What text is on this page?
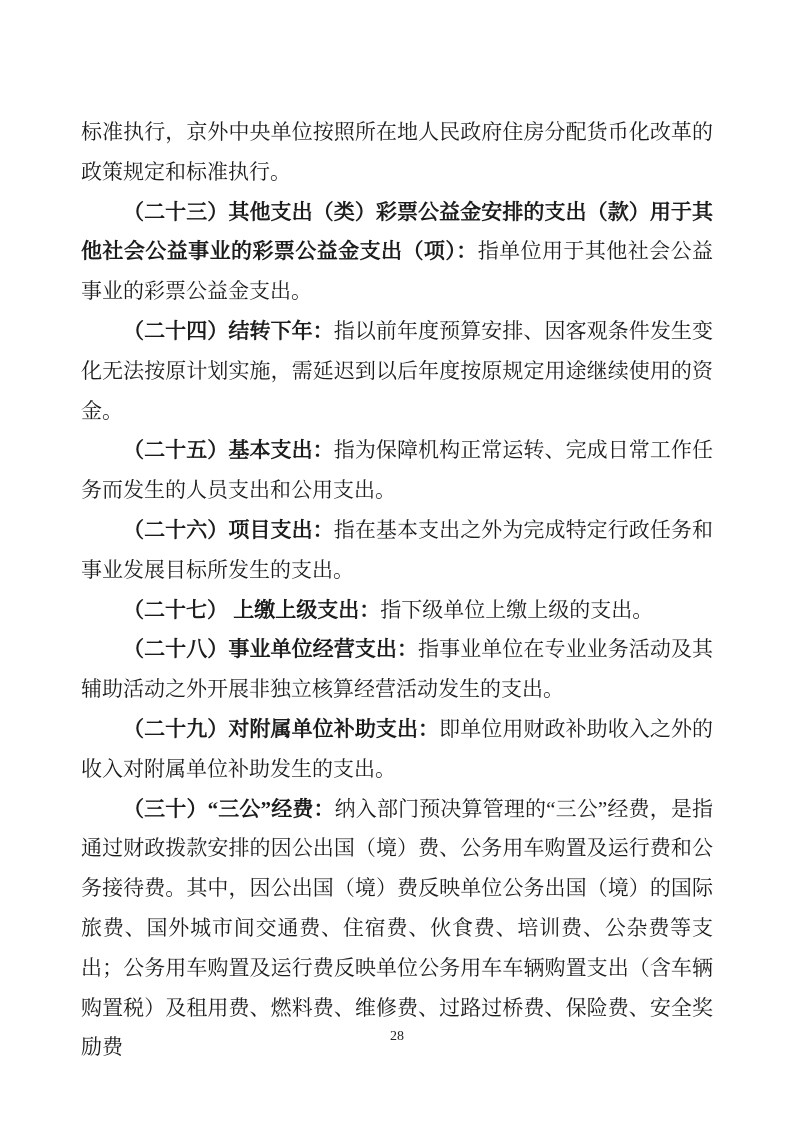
标准执行，京外中央单位按照所在地人民政府住房分配货币化改革的政策规定和标准执行。

（二十三）其他支出（类）彩票公益金安排的支出（款）用于其他社会公益事业的彩票公益金支出（项）：指单位用于其他社会公益事业的彩票公益金支出。

（二十四）结转下年：指以前年度预算安排、因客观条件发生变化无法按原计划实施，需延迟到以后年度按原规定用途继续使用的资金。

（二十五）基本支出：指为保障机构正常运转、完成日常工作任务而发生的人员支出和公用支出。

（二十六）项目支出：指在基本支出之外为完成特定行政任务和事业发展目标所发生的支出。

（二十七） 上缴上级支出：指下级单位上缴上级的支出。

（二十八）事业单位经营支出：指事业单位在专业业务活动及其辅助活动之外开展非独立核算经营活动发生的支出。

（二十九）对附属单位补助支出：即单位用财政补助收入之外的收入对附属单位补助发生的支出。

（三十）“三公”经费：纳入部门预决算管理的“三公”经费，是指通过财政拨款安排的因公出国（境）费、公务用车购置及运行费和公务接待费。其中，因公出国（境）费反映单位公务出国（境）的国际旅费、国外城市间交通费、住宿费、伙食费、培训费、公杂费等支出；公务用车购置及运行费反映单位公务用车车辆购置支出（含车辆购置税）及租用费、燃料费、维修费、过路过桥费、保险费、安全奖励费	28
